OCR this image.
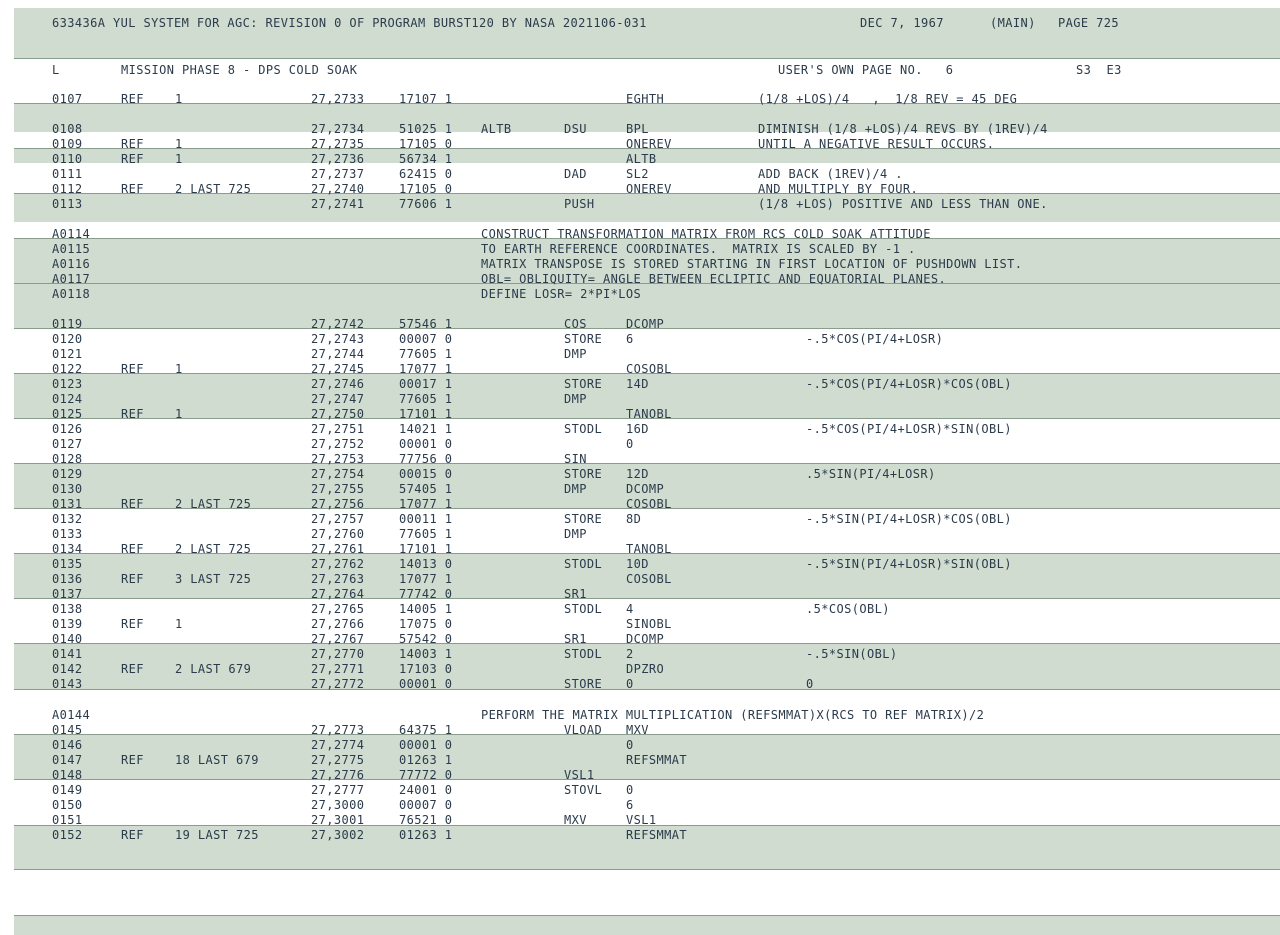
633436A YUL SYSTEM FOR AGC: REVISION 0 OF PROGRAM BURST120 BY NASA 2021106-031	DEC 7, 1967	(MAIN) PAGE 725
L	MISSION PHASE 8 - DPS COLD SOAK	USER'S OWN PAGE NO.   6	S3  E3
0107	REF	1	27,2733	17107 1	EGHTH	(1/8 +LOS)/4   ,  1/8 REV = 45 DEG
0108	27,2734	51025 1 ALTB	DSU	BPL	DIMINISH (1/8 +LOS)/4 REVS BY (1REV)/4
0109	REF	1	27,2735	17105 0	ONEREV	UNTIL A NEGATIVE RESULT OCCURS.
0110	REF	1	27,2736	56734 1	ALTB
0111	27,2737	62415 0	DAD	SL2	ADD BACK (1REV)/4 .
0112	REF	2 LAST 725	27,2740	17105 0	ONEREV	AND MULTIPLY BY FOUR.
0113	27,2741	77606 1	PUSH	(1/8 +LOS) POSITIVE AND LESS THAN ONE.
A0114	CONSTRUCT TRANSFORMATION MATRIX FROM RCS COLD SOAK ATTITUDE
A0115	TO EARTH REFERENCE COORDINATES.  MATRIX IS SCALED BY -1 .
A0116	MATRIX TRANSPOSE IS STORED STARTING IN FIRST LOCATION OF PUSHDOWN LIST.
A0117	OBL= OBLIQUITY= ANGLE BETWEEN ECLIPTIC AND EQUATORIAL PLANES.
A0118	DEFINE LOSR= 2*PI*LOS
0119	27,2742	57546 1	COS	DCOMP
0120	27,2743	00007 0	STORE 6	-.5*COS(PI/4+LOSR)
0121	27,2744	77605 1	DMP
0122	REF	1	27,2745	17077 1	COSOBL
0123	27,2746	00017 1	STORE 14D	-.5*COS(PI/4+LOSR)*COS(OBL)
0124	27,2747	77605 1	DMP
0125	REF	1	27,2750	17101 1	TANOBL
0126	27,2751	14021 1	STODL 16D	-.5*COS(PI/4+LOSR)*SIN(OBL)
0127	27,2752	00001 0	0
0128	27,2753	77756 0	SIN
0129	27,2754	00015 0	STORE 12D	.5*SIN(PI/4+LOSR)
0130	27,2755	57405 1	DMP	DCOMP
0131	REF	2 LAST 725	27,2756	17077 1	COSOBL
0132	27,2757	00011 1	STORE 8D	-.5*SIN(PI/4+LOSR)*COS(OBL)
0133	27,2760	77605 1	DMP
0134	REF	2 LAST 725	27,2761	17101 1	TANOBL
0135	27,2762	14013 0	STODL 10D	-.5*SIN(PI/4+LOSR)*SIN(OBL)
0136	REF	3 LAST 725	27,2763	17077 1	COSOBL
0137	27,2764	77742 0	SR1
0138	27,2765	14005 1	STODL 4	.5*COS(OBL)
0139	REF	1	27,2766	17075 0	SINOBL
0140	27,2767	57542 0	SR1	DCOMP
0141	27,2770	14003 1	STODL 2	-.5*SIN(OBL)
0142	REF	2 LAST 679	27,2771	17103 0	DPZRO
0143	27,2772	00001 0	STORE 0	0
A0144	PERFORM THE MATRIX MULTIPLICATION (REFSMMAT)X(RCS TO REF MATRIX)/2
0145	27,2773	64375 1	VLOAD MXV
0146	27,2774	00001 0	0
0147	REF	18 LAST 679	27,2775	01263 1	REFSMMAT
0148	27,2776	77772 0	VSL1
0149	27,2777	24001 0	STOVL 0
0150	27,3000	00007 0	6
0151	27,3001	76521 0	MXV	VSL1
0152	REF	19 LAST 725	27,3002	01263 1	REFSMMAT
